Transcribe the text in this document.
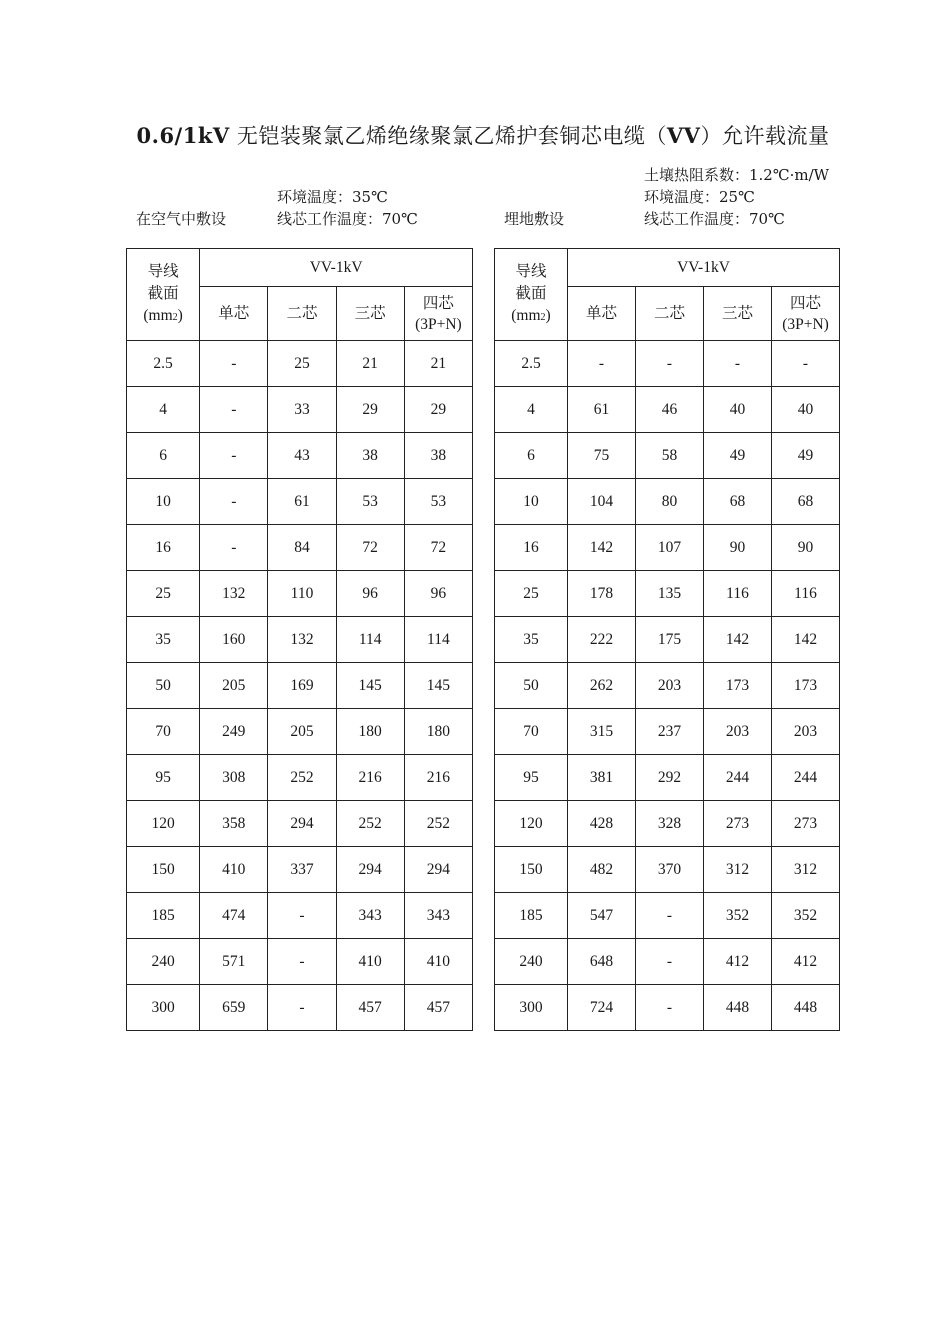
0.6/1kV 无铠装聚氯乙烯绝缘聚氯乙烯护套铜芯电缆（VV）允许载流量
在空气中敷设
环境温度：35℃
线芯工作温度：70℃	埋地敷设
土壤热阻系数：1.2℃·m/W
环境温度：25℃
线芯工作温度：70℃
导线
截面
(mm2)	VV-1kV			
	单芯	二芯	三芯	四芯
(3P+N)
2.5	-	25	21	21
4	-	33	29	29
6	-	43	38	38
10	-	61	53	53
16	-	84	72	72
25	132	110	96	96
35	160	132	114	114
50	205	169	145	145
70	249	205	180	180
95	308	252	216	216
120	358	294	252	252
150	410	337	294	294
185	474	-	343	343
240	571	-	410	410
300	659	-	457	457
导线
截面
(mm2)	VV-1kV			
	单芯	二芯	三芯	四芯
(3P+N)
2.5	-	-	-	-
4	61	46	40	40
6	75	58	49	49
10	104	80	68	68
16	142	107	90	90
25	178	135	116	116
35	222	175	142	142
50	262	203	173	173
70	315	237	203	203
95	381	292	244	244
120	428	328	273	273
150	482	370	312	312
185	547	-	352	352
240	648	-	412	412
300	724	-	448	448
